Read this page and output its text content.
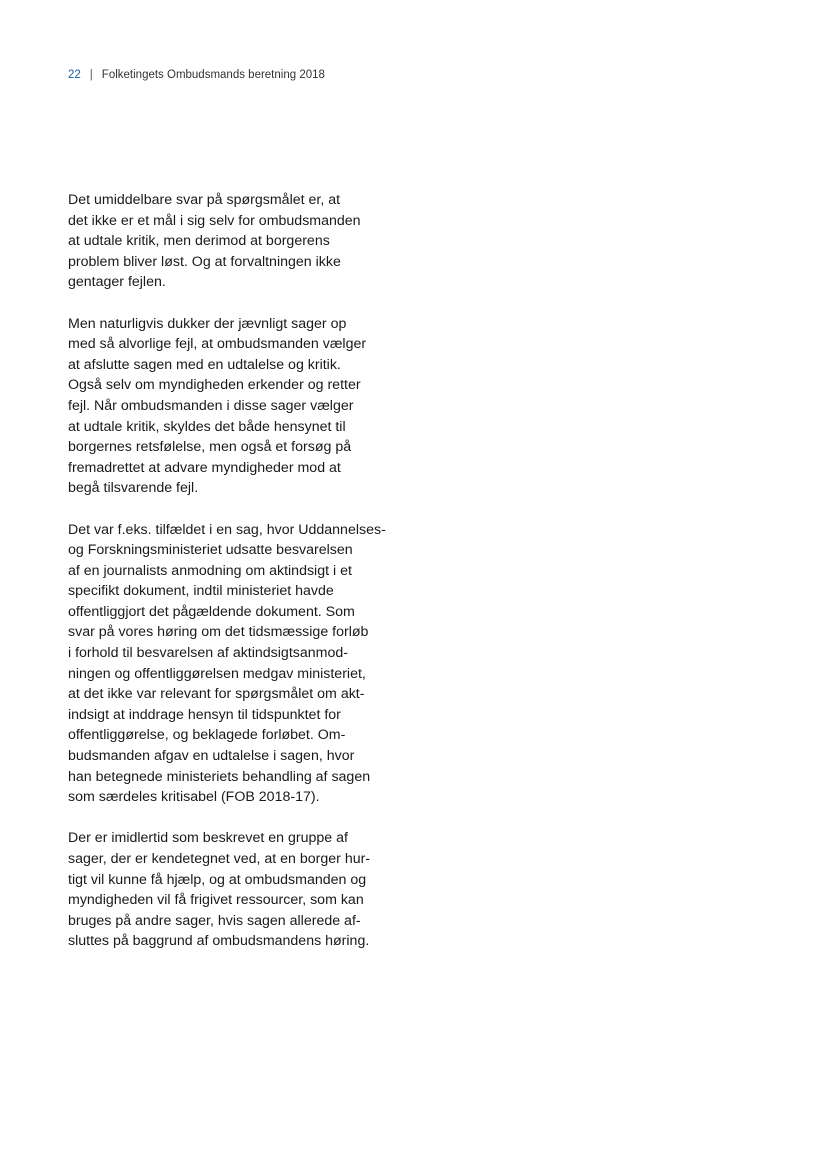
22 | Folketingets Ombudsmands beretning 2018

Det umiddelbare svar på spørgsmålet er, at
det ikke er et mål i sig selv for ombudsmanden
at udtale kritik, men derimod at borgerens
problem bliver løst. Og at forvaltningen ikke
gentager fejlen.

Men naturligvis dukker der jævnligt sager op
med så alvorlige fejl, at ombudsmanden vælger
at afslutte sagen med en udtalelse og kritik.
Også selv om myndigheden erkender og retter
fejl. Når ombudsmanden i disse sager vælger
at udtale kritik, skyldes det både hensynet til
borgernes retsfølelse, men også et forsøg på
fremadrettet at advare myndigheder mod at
begå tilsvarende fejl.

Det var f.eks. tilfældet i en sag, hvor Uddannelses-
og Forskningsministeriet udsatte besvarelsen
af en journalists anmodning om aktindsigt i et
specifikt dokument, indtil ministeriet havde
offentliggjort det pågældende dokument. Som
svar på vores høring om det tidsmæssige forløb
i forhold til besvarelsen af aktindsigtsanmod-
ningen og offentliggørelsen medgav ministeriet,
at det ikke var relevant for spørgsmålet om akt-
indsigt at inddrage hensyn til tidspunktet for
offentliggørelse, og beklagede forløbet. Om-
budsmanden afgav en udtalelse i sagen, hvor
han betegnede ministeriets behandling af sagen
som særdeles kritisabel (FOB 2018-17).

Der er imidlertid som beskrevet en gruppe af
sager, der er kendetegnet ved, at en borger hur-
tigt vil kunne få hjælp, og at ombudsmanden og
myndigheden vil få frigivet ressourcer, som kan
bruges på andre sager, hvis sagen allerede af-
sluttes på baggrund af ombudsmandens høring.
